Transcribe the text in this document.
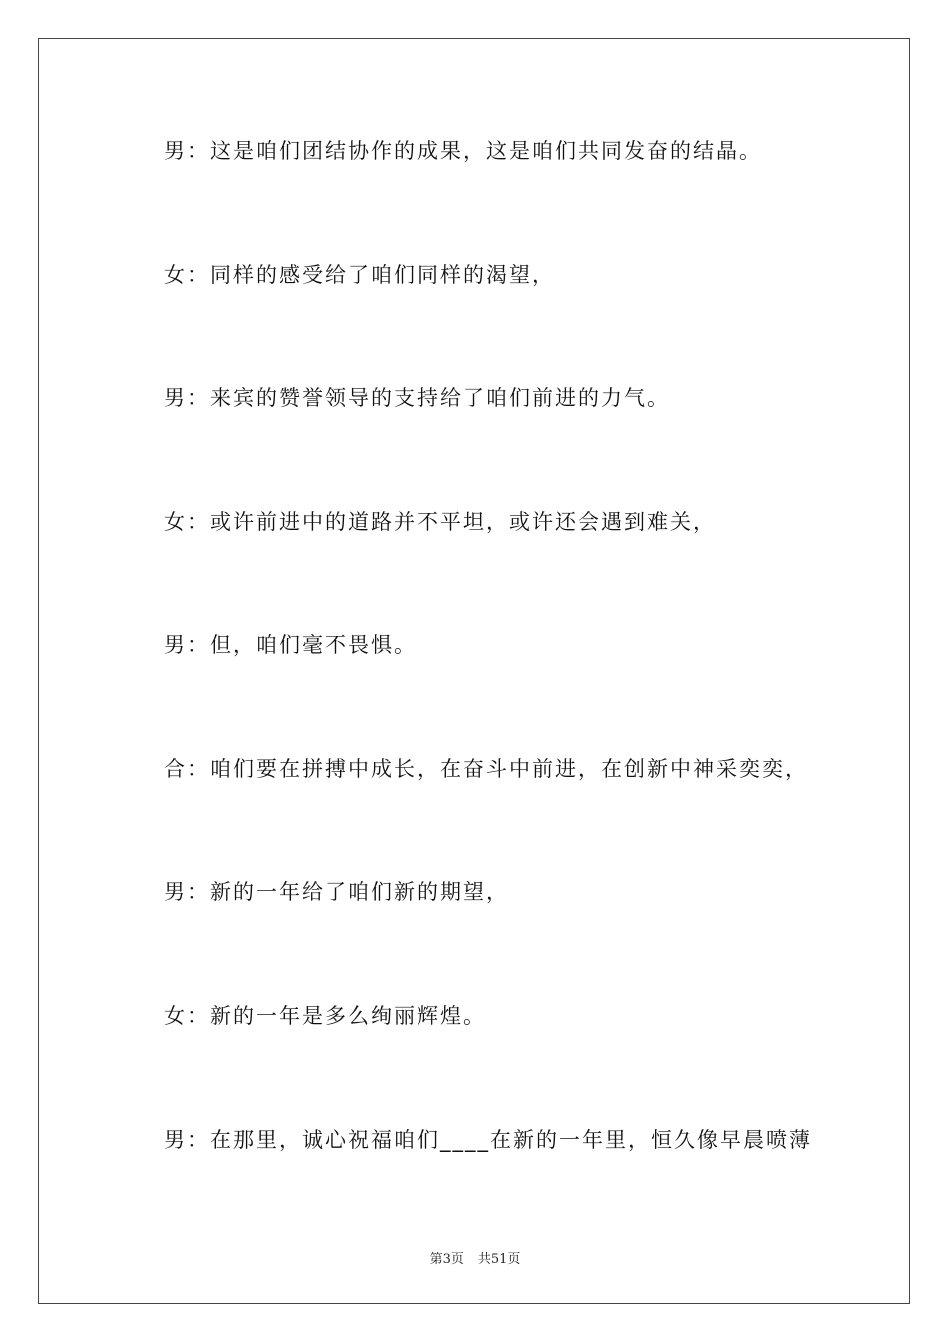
男：这是咱们团结协作的成果，这是咱们共同发奋的结晶。
女：同样的感受给了咱们同样的渴望，
男：来宾的赞誉领导的支持给了咱们前进的力气。
女：或许前进中的道路并不平坦，或许还会遇到难关，
男：但，咱们毫不畏惧。
合：咱们要在拼搏中成长，在奋斗中前进，在创新中神采奕奕，
男：新的一年给了咱们新的期望，
女：新的一年是多么绚丽辉煌。
男：在那里，诚心祝福咱们____在新的一年里，恒久像早晨喷薄
第3页 共51页
